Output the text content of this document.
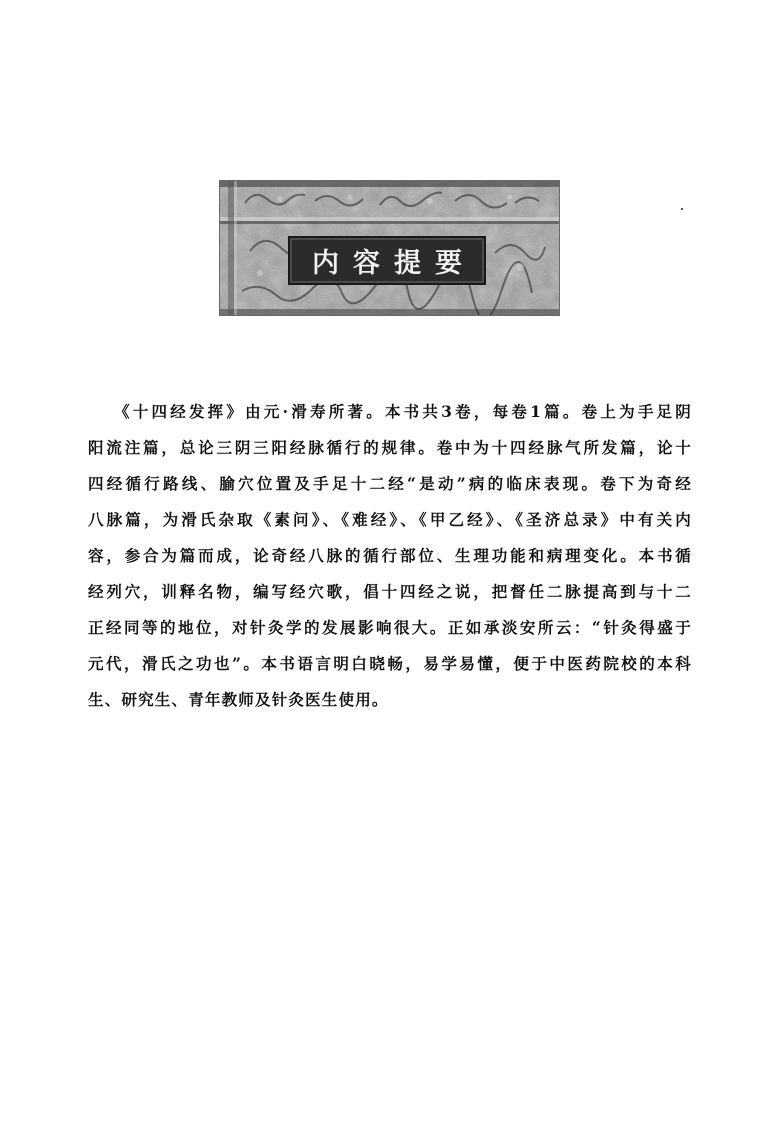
内容提要
《十四经发挥》由元·滑寿所著。本书共3卷，每卷1篇。卷上为手足阴
阳流注篇，总论三阴三阳经脉循行的规律。卷中为十四经脉气所发篇，论十
四经循行路线、腧穴位置及手足十二经“是动”病的临床表现。卷下为奇经
八脉篇，为滑氏杂取《素问》、《难经》、《甲乙经》、《圣济总录》中有关内
容，参合为篇而成，论奇经八脉的循行部位、生理功能和病理变化。本书循
经列穴，训释名物，编写经穴歌，倡十四经之说，把督任二脉提高到与十二
正经同等的地位，对针灸学的发展影响很大。正如承淡安所云：“针灸得盛于
元代，滑氏之功也”。本书语言明白晓畅，易学易懂，便于中医药院校的本科
生、研究生、青年教师及针灸医生使用。
